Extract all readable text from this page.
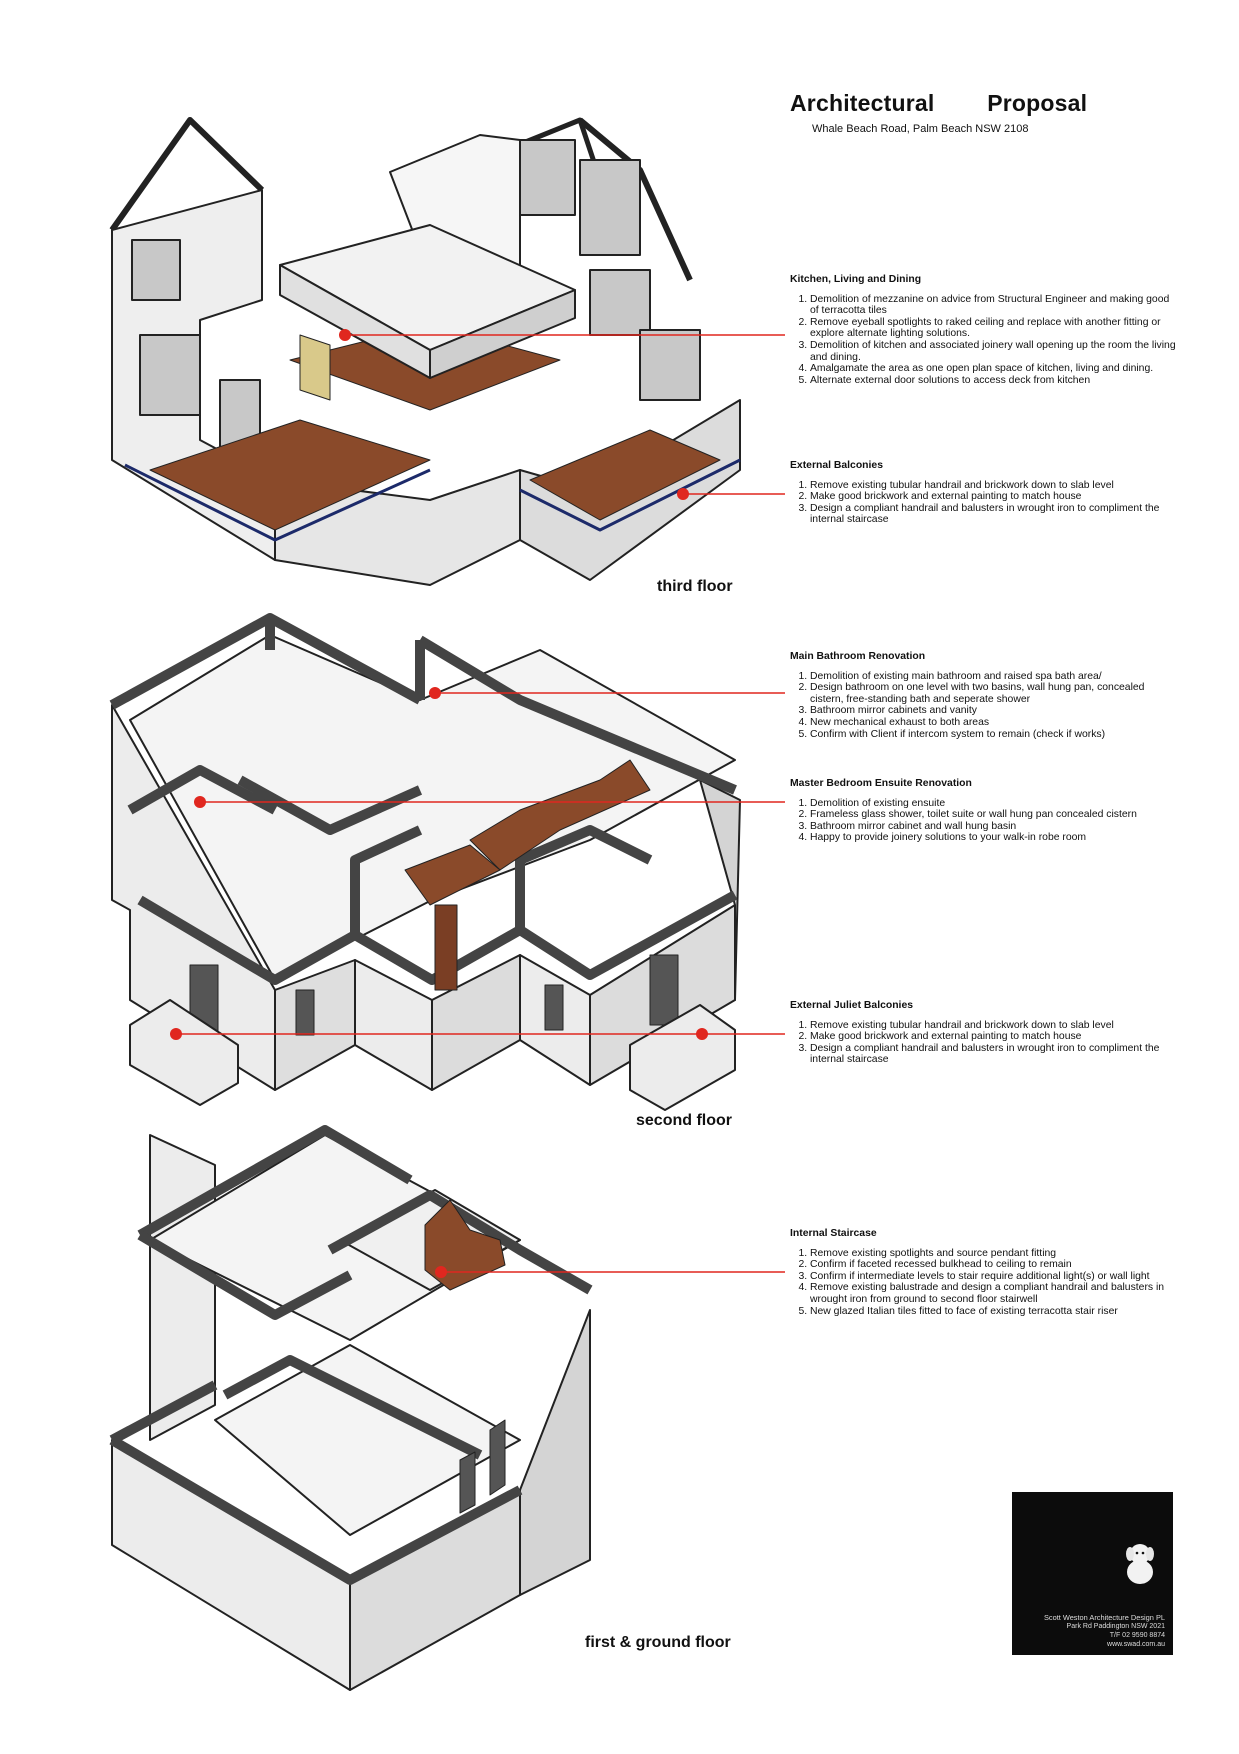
Architectural Proposal

Whale Beach Road, Palm Beach NSW 2108

Kitchen, Living and Dining
1. Demolition of mezzanine on advice from Structural Engineer and making good of terracotta tiles
2. Remove eyeball spotlights to raked ceiling and replace with another fitting or explore alternate lighting solutions.
3. Demolition of kitchen and associated joinery wall opening up the room the living and dining.
4. Amalgamate the area as one open plan space of kitchen, living and dining.
5. Alternate external door solutions to access deck from kitchen
External Balconies
1. Remove existing tubular handrail and brickwork down to slab level
2. Make good brickwork and external painting to match house
3. Design a compliant handrail and balusters in wrought iron to compliment the internal staircase
Main Bathroom Renovation
1. Demolition of existing main bathroom and raised spa bath area/
2. Design bathroom on one level with two basins, wall hung pan, concealed cistern, free-standing bath and seperate shower
3. Bathroom mirror cabinets and vanity
4. New mechanical exhaust to both areas
5. Confirm with Client if intercom system to remain (check if works)
Master Bedroom Ensuite Renovation
1. Demolition of existing ensuite
2. Frameless glass shower, toilet suite or wall hung pan concealed cistern
3. Bathroom mirror cabinet and wall hung basin
4. Happy to provide joinery solutions to your walk-in robe room
External Juliet Balconies
1. Remove existing tubular handrail and brickwork down to slab level
2. Make good brickwork and external painting to match house
3. Design a compliant handrail and balusters in wrought iron to compliment the internal staircase
Internal Staircase
1. Remove existing spotlights and source pendant fitting
2. Confirm if faceted recessed bulkhead to ceiling to remain
3. Confirm if intermediate levels to stair require additional light(s) or wall light
4. Remove existing balustrade and design a compliant handrail and balusters in wrought iron from ground to second floor stairwell
5. New glazed Italian tiles fitted to face of existing terracotta stair riser
third floor
second floor
first & ground floor
Scott Weston Architecture Design PL
Park Rd Paddington NSW 2021
T/F 02 9590 8874
www.swad.com.au
